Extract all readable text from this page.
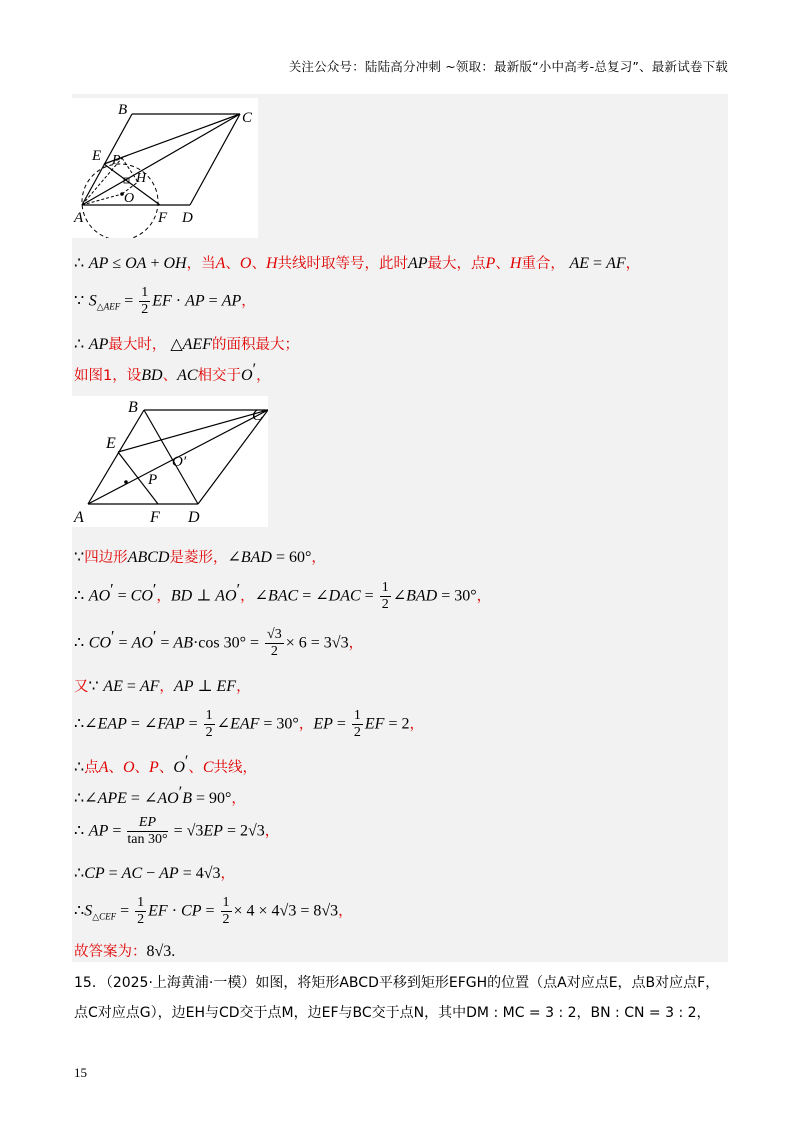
关注公众号：陆陆高分冲刺 ~领取：最新版“小中高考-总复习”、最新试卷下载
B	C
E P
H
O
A	F D
∴ AP ≤ OA + OH，当A、O、H共线时取等号，此时AP最大，点P、H重合， AE = AF，
∵ $S_{\triangle AEF} = \frac{1}{2}$ EF · AP = AP，
∴ AP最大时， △AEF的面积最大；
如图1，设BD、AC相交于O′，
B	C
E
O′
P
A	F D
∵四边形ABCD是菱形，∠BAD = 60°，
∴ AO′ = CO′，BD ⊥ AO′，∠BAC = ∠DAC = $\frac{1}{2}$ ∠BAD = 30°，
∴ CO′ = AO′ = AB·cos $30^\circ = \frac{√3}{2} \times 6 = 3√3$，
又∵ AE = AF，AP ⊥ EF，
∴∠EAP = ∠FAP = $\frac{1}{2}$ ∠EAF = 30°，EP = $\frac{1}{2}$ EF = 2，
∴点A、O、P、O′、C共线，
∴∠APE = ∠AO′B = 90°，
∴ AP = $\frac{EP}{\tan 30^\circ} = √3EP = 2√3$，
∴CP = AC − AP = 4√3，
$\therefore S_{\triangle CEF} = \frac{1}{2}$ EF · CP = $\frac{1}{2} \times 4 \times 4√3 = 8√3$，
故答案为：8√3.
15．（2025·上海黄浦·一模）如图，将矩形ABCD平移到矩形EFGH的位置（点A对应点E，点B对应点F，
点C对应点G），边EH与CD交于点M，边EF与BC交于点N，其中DM : MC = 3 : 2，BN : CN = 3 : 2，
15
